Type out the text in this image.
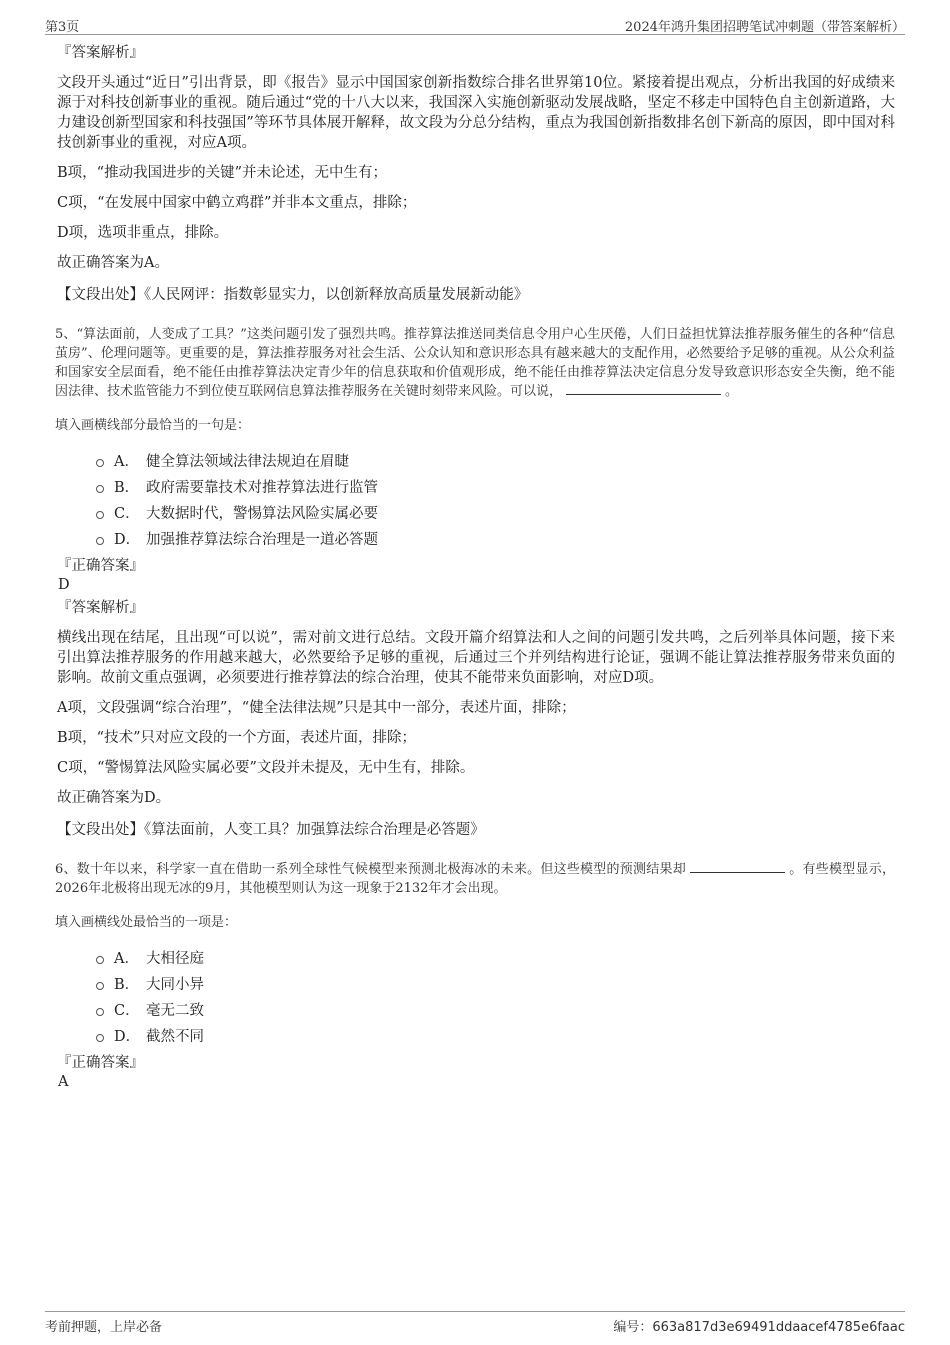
第3页	2024年鸿升集团招聘笔试冲刺题（带答案解析）

『答案解析』

文段开头通过“近日”引出背景，即《报告》显示中国国家创新指数综合排名世界第10位。紧接着提出观点，分析出我国的好成绩来源于对科技创新事业的重视。随后通过“党的十八大以来，我国深入实施创新驱动发展战略，坚定不移走中国特色自主创新道路，大力建设创新型国家和科技强国”等环节具体展开解释，故文段为分总分结构，重点为我国创新指数排名创下新高的原因，即中国对科技创新事业的重视，对应A项。

B项，“推动我国进步的关键”并未论述，无中生有；

C项，“在发展中国家中鹤立鸡群”并非本文重点，排除；

D项，选项非重点，排除。

故正确答案为A。

【文段出处】《人民网评：指数彰显实力，以创新释放高质量发展新动能》

5、“算法面前，人变成了工具？”这类问题引发了强烈共鸣。推荐算法推送同类信息令用户心生厌倦，人们日益担忧算法推荐服务催生的各种“信息茧房”、伦理问题等。更重要的是，算法推荐服务对社会生活、公众认知和意识形态具有越来越大的支配作用，必然要给予足够的重视。从公众利益和国家安全层面看，绝不能任由推荐算法决定青少年的信息获取和价值观形成，绝不能任由推荐算法决定信息分发导致意识形态安全失衡，绝不能因法律、技术监管能力不到位使互联网信息算法推荐服务在关键时刻带来风险。可以说，	。

填入画横线部分最恰当的一句是：

A． 健全算法领域法律法规迫在眉睫
B． 政府需要靠技术对推荐算法进行监管
C． 大数据时代，警惕算法风险实属必要
D． 加强推荐算法综合治理是一道必答题

『正确答案』

D

『答案解析』

横线出现在结尾，且出现“可以说”，需对前文进行总结。文段开篇介绍算法和人之间的问题引发共鸣，之后列举具体问题，接下来引出算法推荐服务的作用越来越大，必然要给予足够的重视，后通过三个并列结构进行论证，强调不能让算法推荐服务带来负面的影响。故前文重点强调，必须要进行推荐算法的综合治理，使其不能带来负面影响，对应D项。

A项，文段强调“综合治理”，“健全法律法规”只是其中一部分，表述片面，排除；

B项，“技术”只对应文段的一个方面，表述片面，排除；

C项，“警惕算法风险实属必要”文段并未提及，无中生有，排除。

故正确答案为D。

【文段出处】《算法面前，人变工具？加强算法综合治理是必答题》

6、数十年以来，科学家一直在借助一系列全球性气候模型来预测北极海冰的未来。但这些模型的预测结果却	。有些模型显示，2026年北极将出现无冰的9月，其他模型则认为这一现象于2132年才会出现。

填入画横线处最恰当的一项是：

A． 大相径庭
B． 大同小异
C． 毫无二致
D． 截然不同

『正确答案』

A

考前押题，上岸必备	编号：663a817d3e69491ddaacef4785e6faac
